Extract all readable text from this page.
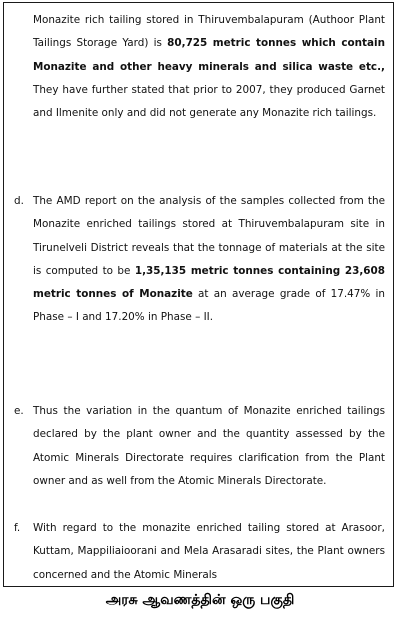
Monazite rich tailing stored in Thiruvembalapuram (Authoor Plant Tailings Storage Yard) is 80,725 metric tonnes which contain Monazite and other heavy minerals and silica waste etc., They have further stated that prior to 2007, they produced Garnet and Ilmenite only and did not generate any Monazite rich tailings.
d. The AMD report on the analysis of the samples collected from the Monazite enriched tailings stored at Thiruvembalapuram site in Tirunelveli District reveals that the tonnage of materials at the site is computed to be 1,35,135 metric tonnes containing 23,608 metric tonnes of Monazite at an average grade of 17.47% in Phase – I and 17.20% in Phase – II.
e. Thus the variation in the quantum of Monazite enriched tailings declared by the plant owner and the quantity assessed by the Atomic Minerals Directorate requires clarification from the Plant owner and as well from the Atomic Minerals Directorate.
f. With regard to the monazite enriched tailing stored at Arasoor, Kuttam, Mappiliaioorani and Mela Arasaradi sites, the Plant owners concerned and the Atomic Minerals
அரசு ஆவணத்தின் ஒரு பகுதி
